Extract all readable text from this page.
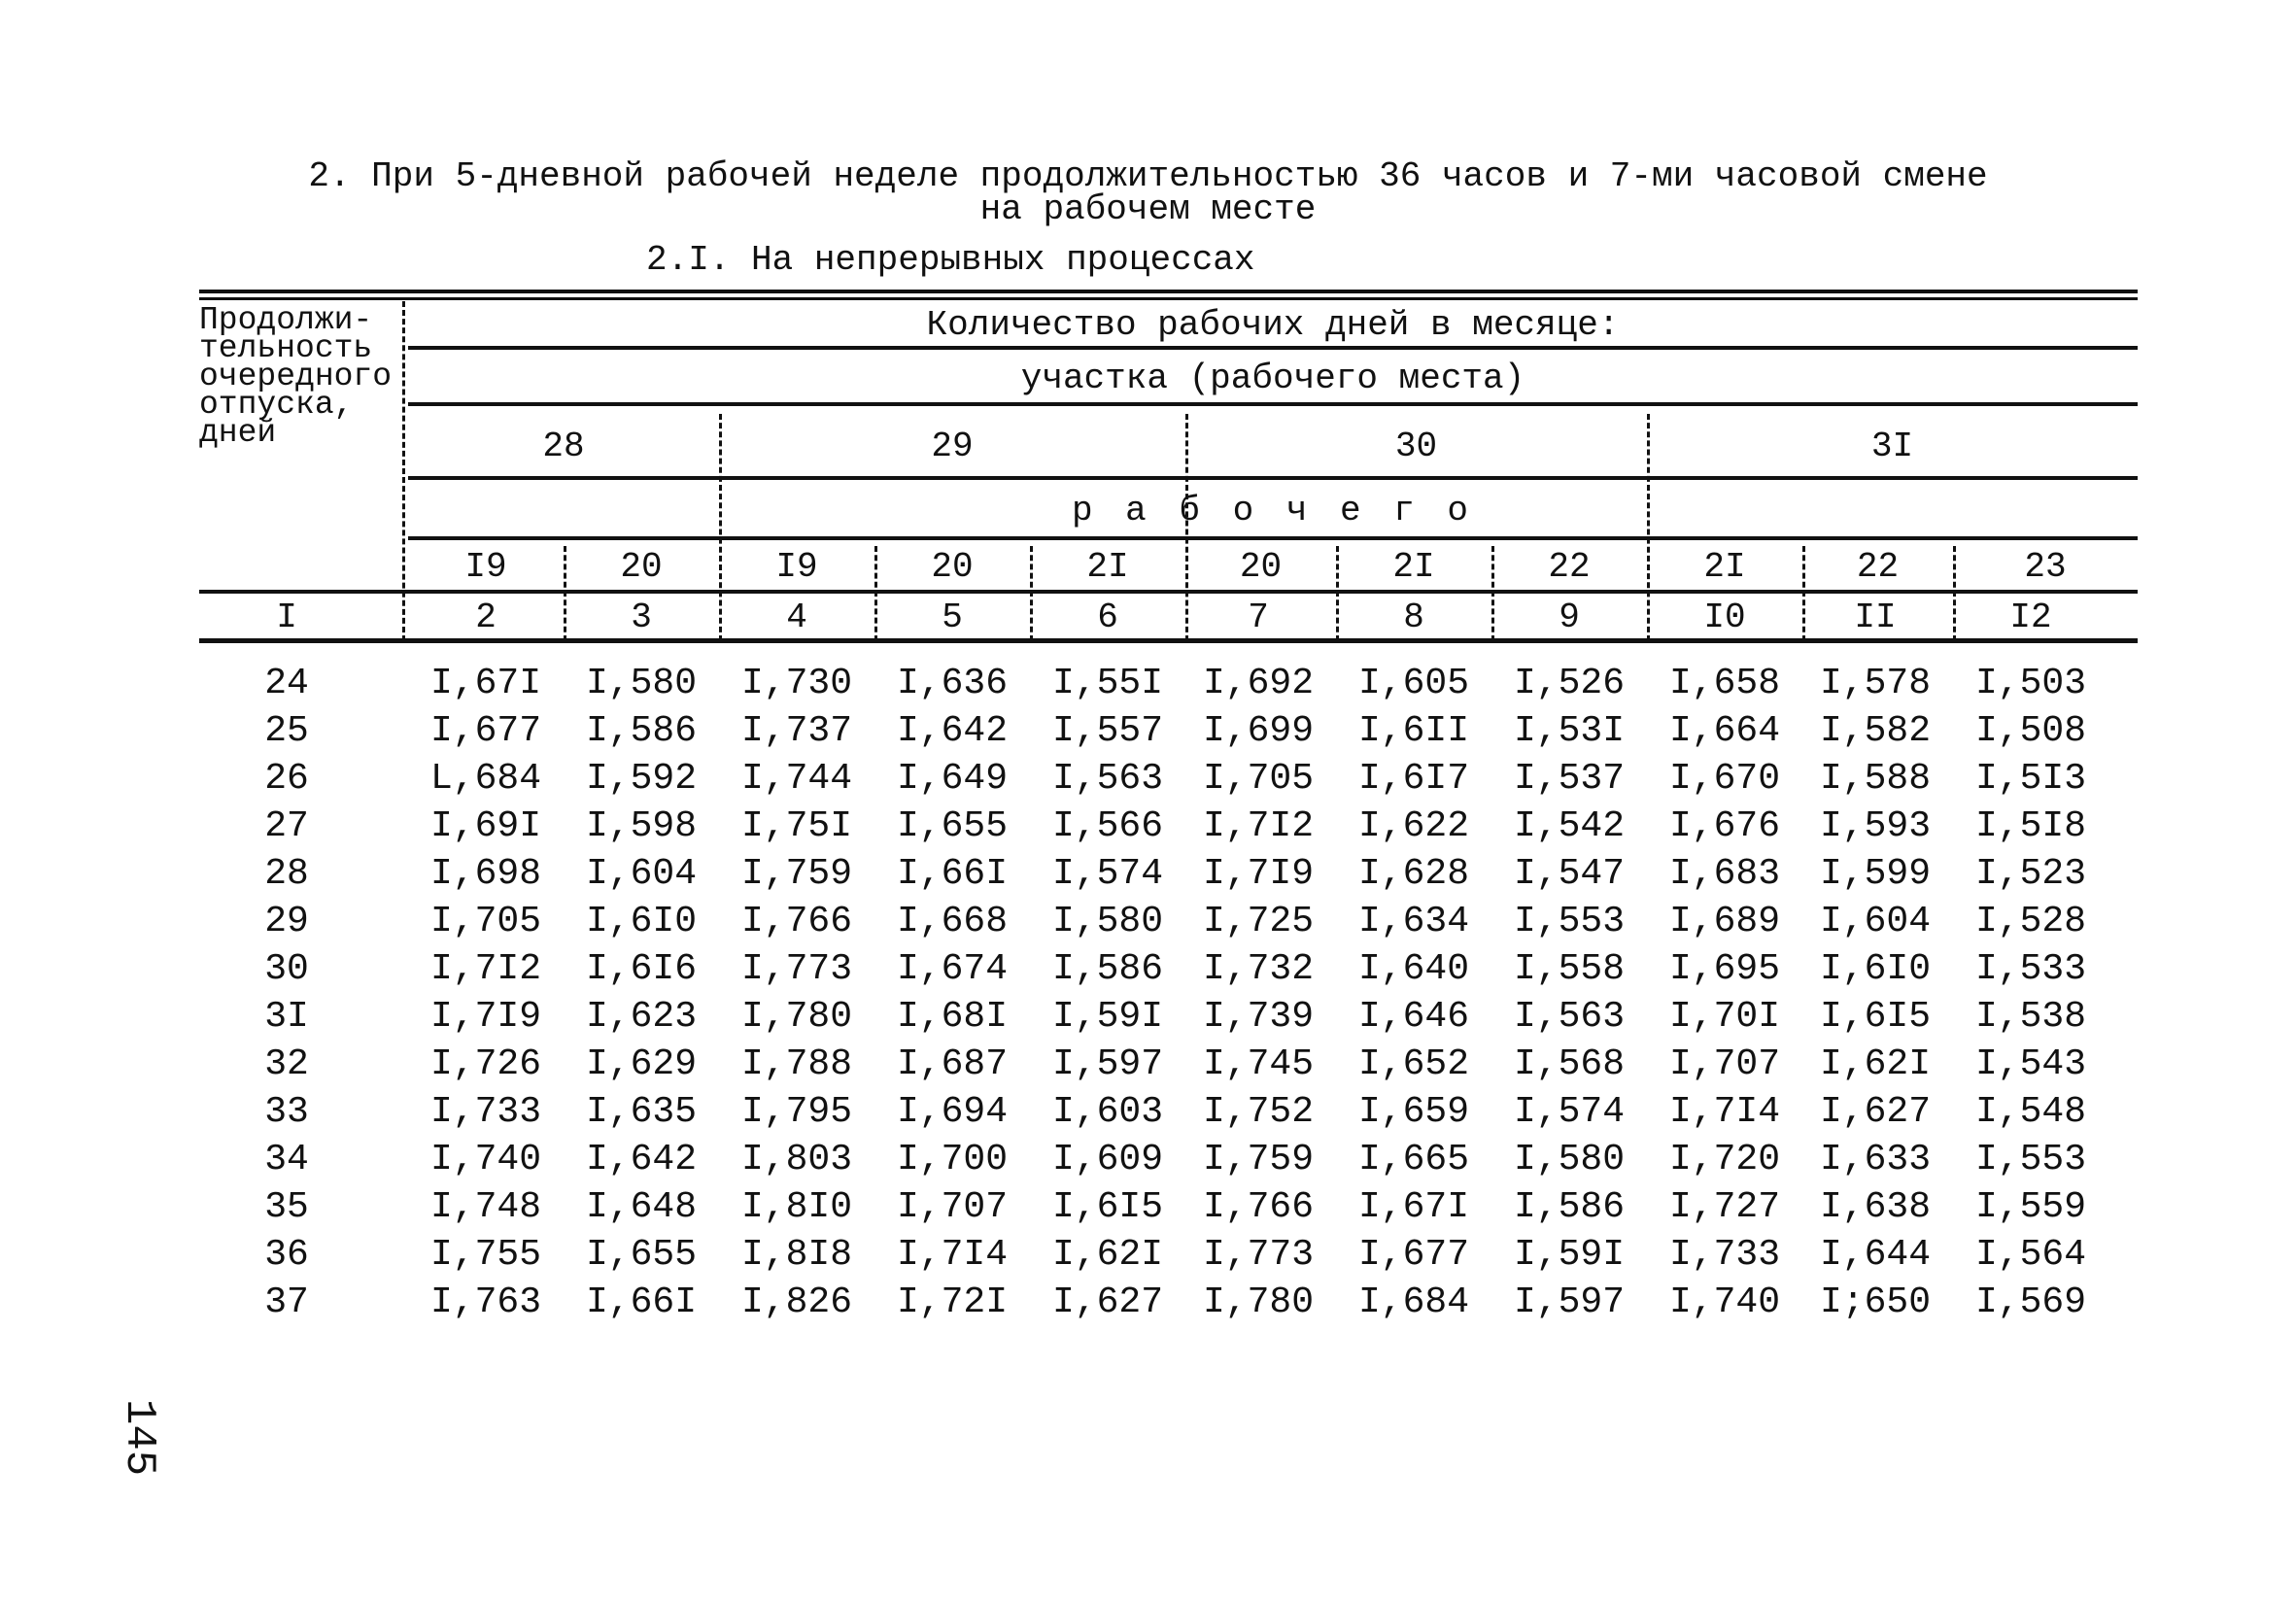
2. При 5-дневной рабочей неделе продолжительностью 36 часов и 7-ми часовой смене
на рабочем месте
2.I. На непрерывных процессах
Продолжи-
тельность
очередного
отпуска,
дней
Количество рабочих дней в месяце:
участка (рабочего места)
28	29	30	3I
р а б о ч е г о
I9	20	I9	20	2I	20	2I	22	2I	22	23
I	2	3	4	5	6	7	8	9	I0	II	I2
24	I,67I	I,580	I,730	I,636	I,55I	I,692	I,605	I,526	I,658	I,578	I,503
25	I,677	I,586	I,737	I,642	I,557	I,699	I,6II	I,53I	I,664	I,582	I,508
26	L,684	I,592	I,744	I,649	I,563	I,705	I,6I7	I,537	I,670	I,588	I,5I3
27	I,69I	I,598	I,75I	I,655	I,566	I,7I2	I,622	I,542	I,676	I,593	I,5I8
28	I,698	I,604	I,759	I,66I	I,574	I,7I9	I,628	I,547	I,683	I,599	I,523
29	I,705	I,6I0	I,766	I,668	I,580	I,725	I,634	I,553	I,689	I,604	I,528
30	I,7I2	I,6I6	I,773	I,674	I,586	I,732	I,640	I,558	I,695	I,6I0	I,533
3I	I,7I9	I,623	I,780	I,68I	I,59I	I,739	I,646	I,563	I,70I	I,6I5	I,538
32	I,726	I,629	I,788	I,687	I,597	I,745	I,652	I,568	I,707	I,62I	I,543
33	I,733	I,635	I,795	I,694	I,603	I,752	I,659	I,574	I,7I4	I,627	I,548
34	I,740	I,642	I,803	I,700	I,609	I,759	I,665	I,580	I,720	I,633	I,553
35	I,748	I,648	I,8I0	I,707	I,6I5	I,766	I,67I	I,586	I,727	I,638	I,559
36	I,755	I,655	I,8I8	I,7I4	I,62I	I,773	I,677	I,59I	I,733	I,644	I,564
37	I,763	I,66I	I,826	I,72I	I,627	I,780	I,684	I,597	I,740	I;650	I,569
145
